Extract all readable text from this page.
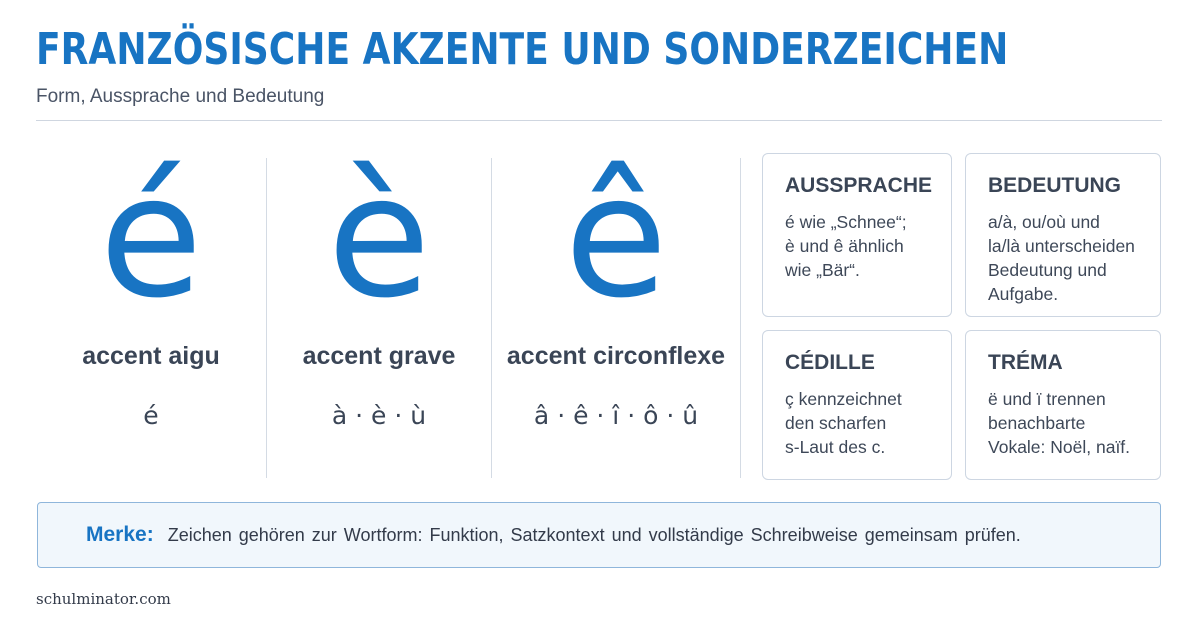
FRANZÖSISCHE AKZENTE UND SONDERZEICHEN
Form, Aussprache und Bedeutung
é
accent aigu
é
è
accent grave
à · è · ù
ê
accent circonflexe
â · ê · î · ô · û
AUSSPRACHE

é wie „Schnee“;
è und ê ähnlich
wie „Bär“.

BEDEUTUNG

a/à, ou/où und
la/là unterscheiden
Bedeutung und
Aufgabe.

CÉDILLE

ç kennzeichnet
den scharfen
s-Laut des c.

TRÉMA

ë und ï trennen
benachbarte
Vokale: Noël, naïf.

Merke: Zeichen gehören zur Wortform: Funktion, Satzkontext und vollständige Schreibweise gemeinsam prüfen.
schulminator.com
